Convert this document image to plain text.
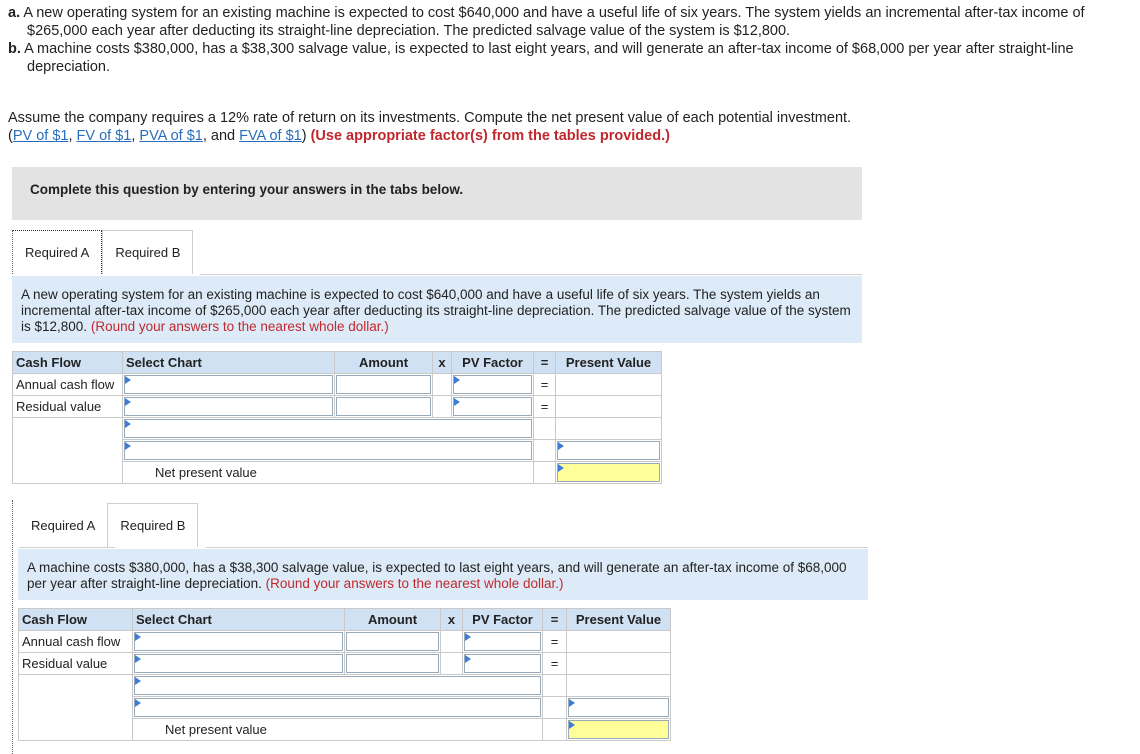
a. A new operating system for an existing machine is expected to cost $640,000 and have a useful life of six years. The system yields an incremental after-tax income of $265,000 each year after deducting its straight-line depreciation. The predicted salvage value of the system is $12,800.

b. A machine costs $380,000, has a $38,300 salvage value, is expected to last eight years, and will generate an after-tax income of $68,000 per year after straight-line depreciation.

Assume the company requires a 12% rate of return on its investments. Compute the net present value of each potential investment.
(PV of $1, FV of $1, PVA of $1, and FVA of $1) (Use appropriate factor(s) from the tables provided.)
Complete this question by entering your answers in the tabs below.
Required A	Required B
A new operating system for an existing machine is expected to cost $640,000 and have a useful life of six years. The system yields an incremental after-tax income of $265,000 each year after deducting its straight-line depreciation. The predicted salvage value of the system is $12,800. (Round your answers to the nearest whole dollar.)
Cash Flow	Select Chart	Amount	x	PV Factor	=	Present Value
Annual cash flow					=	
Residual value					=	

	Net present value					
Required A	Required B
A machine costs $380,000, has a $38,300 salvage value, is expected to last eight years, and will generate an after-tax income of $68,000 per year after straight-line depreciation. (Round your answers to the nearest whole dollar.)
Cash Flow	Select Chart	Amount	x	PV Factor	=	Present Value
Annual cash flow					=	
Residual value					=	

	Net present value					
